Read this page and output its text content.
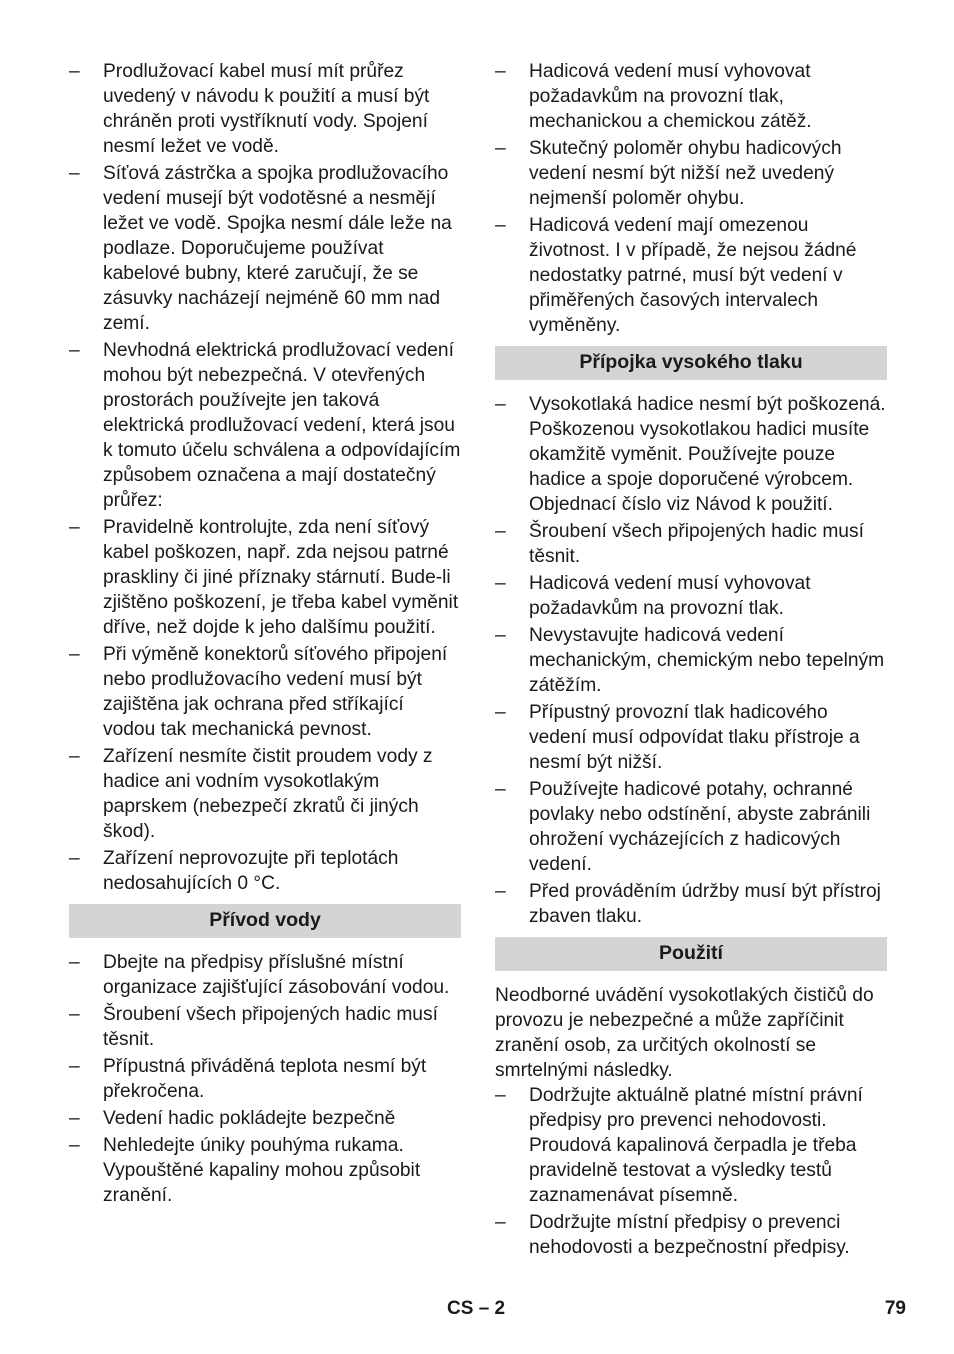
–	Prodlužovací kabel musí mít průřez uvedený v návodu k použití a musí být chráněn proti vystříknutí vody. Spojení nesmí ležet ve vodě.
–	Síťová zástrčka a spojka prodlužovacího vedení musejí být vodotěsné a nesmějí ležet ve vodě. Spojka nesmí dále leže na podlaze. Doporučujeme používat kabelové bubny, které zaručují, že se zásuvky nacházejí nejméně 60 mm nad zemí.
–	Nevhodná elektrická prodlužovací vedení mohou být nebezpečná. V otevřených prostorách používejte jen taková elektrická prodlužovací vedení, která jsou k tomuto účelu schválena a odpovídajícím způsobem označena a mají dostatečný průřez:
–	Pravidelně kontrolujte, zda není síťový kabel poškozen, např. zda nejsou patrné praskliny či jiné příznaky stárnutí. Bude-li zjištěno poškození, je třeba kabel vyměnit dříve, než dojde k jeho dalšímu použití.
–	Při výměně konektorů síťového připojení nebo prodlužovacího vedení musí být zajištěna jak ochrana před stříkající vodou tak mechanická pevnost.
–	Zařízení nesmíte čistit proudem vody z hadice ani vodním vysokotlakým paprskem (nebezpečí zkratů či jiných škod).
–	Zařízení neprovozujte při teplotách nedosahujících 0 °C.
Přívod vody
–	Dbejte na předpisy příslušné místní organizace zajišťující zásobování vodou.
–	Šroubení všech připojených hadic musí těsnit.
–	Přípustná přiváděná teplota nesmí být překročena.
–	Vedení hadic pokládejte bezpečně
–	Nehledejte úniky pouhýma rukama. Vypouštěné kapaliny mohou způsobit zranění.
–	Hadicová vedení musí vyhovovat požadavkům na provozní tlak, mechanickou a chemickou zátěž.
–	Skutečný poloměr ohybu hadicových vedení nesmí být nižší než uvedený nejmenší poloměr ohybu.
–	Hadicová vedení mají omezenou životnost. I v případě, že nejsou žádné nedostatky patrné, musí být vedení v přiměřených časových intervalech vyměněny.
Přípojka vysokého tlaku
–	Vysokotlaká hadice nesmí být poškozená. Poškozenou vysokotlakou hadici musíte okamžitě vyměnit. Používejte pouze hadice a spoje doporučené výrobcem. Objednací číslo viz Návod k použití.
–	Šroubení všech připojených hadic musí těsnit.
–	Hadicová vedení musí vyhovovat požadavkům na provozní tlak.
–	Nevystavujte hadicová vedení mechanickým, chemickým nebo tepelným zátěžím.
–	Přípustný provozní tlak hadicového vedení musí odpovídat tlaku přístroje a nesmí být nižší.
–	Používejte hadicové potahy, ochranné povlaky nebo odstínění, abyste zabránili ohrožení vycházejících z hadicových vedení.
–	Před prováděním údržby musí být přístroj zbaven tlaku.
Použití

Neodborné uvádění vysokotlakých čističů do provozu je nebezpečné a může zapříčinit zranění osob, za určitých okolností se smrtelnými následky.

–	Dodržujte aktuálně platné místní právní předpisy pro prevenci nehodovosti. Proudová kapalinová čerpadla je třeba pravidelně testovat a výsledky testů zaznamenávat písemně.
–	Dodržujte místní předpisy o prevenci nehodovosti a bezpečnostní předpisy.
CS – 2	79
